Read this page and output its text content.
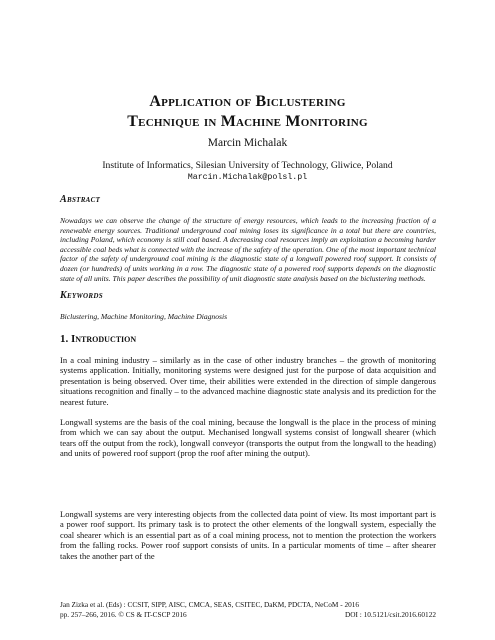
Application of Biclustering
Technique in Machine Monitoring
Marcin Michalak
Institute of Informatics, Silesian University of Technology, Gliwice, Poland
Marcin.Michalak@polsl.pl
Abstract
Nowadays we can observe the change of the structure of energy resources, which leads to the increasing fraction of a renewable energy sources. Traditional underground coal mining loses its significance in a total but there are countries, including Poland, which economy is still coal based. A decreasing coal resources imply an exploitation a becoming harder accessible coal beds what is connected with the increase of the safety of the operation. One of the most important technical factor of the safety of underground coal mining is the diagnostic state of a longwall powered roof support. It consists of dozen (or hundreds) of units working in a row. The diagnostic state of a powered roof supports depends on the diagnostic state of all units. This paper describes the possibility of unit diagnostic state analysis based on the biclustering methods.
Keywords
Biclustering, Machine Monitoring, Machine Diagnosis
1. Introduction
In a coal mining industry – similarly as in the case of other industry branches – the growth of monitoring systems application. Initially, monitoring systems were designed just for the purpose of data acquisition and presentation is being observed. Over time, their abilities were extended in the direction of simple dangerous situations recognition and finally – to the advanced machine diagnostic state analysis and its prediction for the nearest future.
Longwall systems are the basis of the coal mining, because the longwall is the place in the process of mining from which we can say about the output. Mechanised longwall systems consist of longwall shearer (which tears off the output from the rock), longwall conveyor (transports the output from the longwall to the heading) and units of powered roof support (prop the roof after mining the output).
Longwall systems are very interesting objects from the collected data point of view. Its most important part is a power roof support. Its primary task is to protect the other elements of the longwall system, especially the coal shearer which is an essential part as of a coal mining process, not to mention the protection the workers from the falling rocks. Power roof support consists of units. In a particular moments of time – after shearer takes the another part of the
Jan Zizka et al. (Eds) : CCSIT, SIPP, AISC, CMCA, SEAS, CSITEC, DaKM, PDCTA, NeCoM - 2016
pp. 257–266, 2016. © CS & IT-CSCP 2016	DOI : 10.5121/csit.2016.60122
